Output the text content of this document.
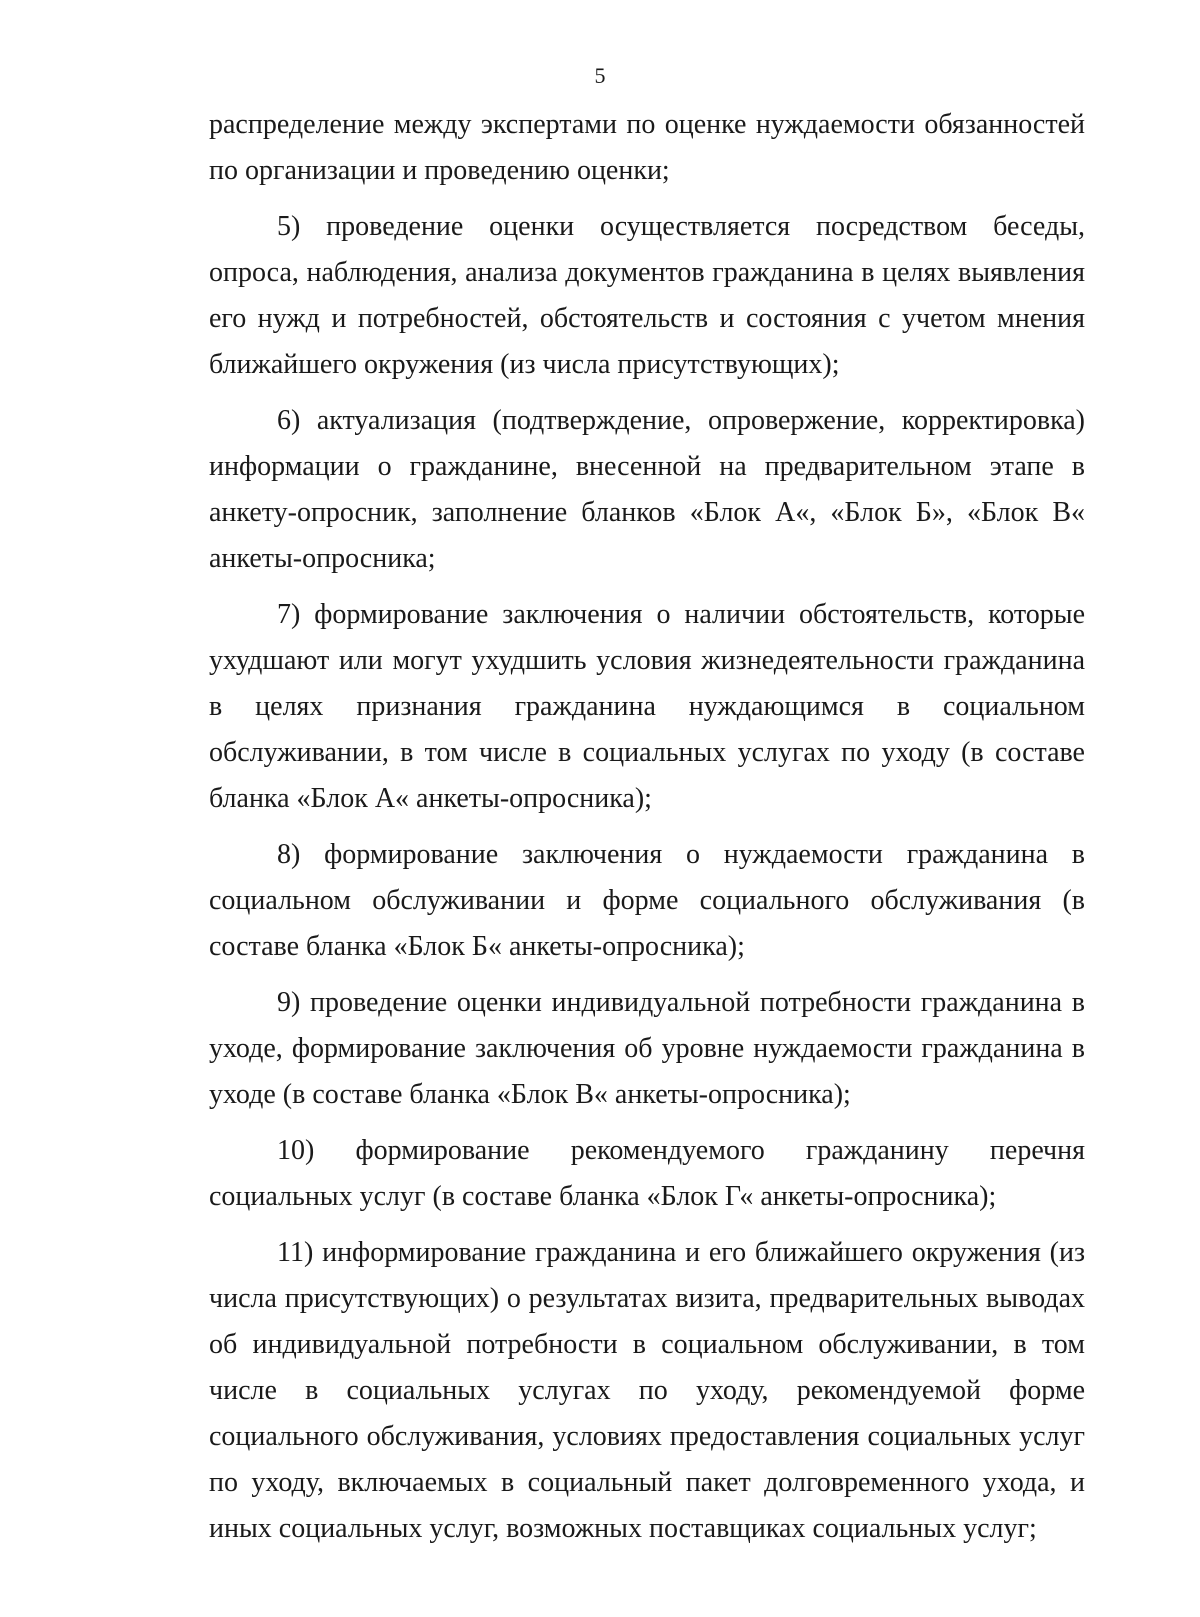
5

распределение между экспертами по оценке нуждаемости обязанностей по организации и проведению оценки;

5) проведение оценки осуществляется посредством беседы, опроса, наблюдения, анализа документов гражданина в целях выявления его нужд и потребностей, обстоятельств и состояния с учетом мнения ближайшего окружения (из числа присутствующих);

6) актуализация (подтверждение, опровержение, корректировка) информации о гражданине, внесенной на предварительном этапе в анкету-опросник, заполнение бланков «Блок А«, «Блок Б», «Блок В« анкеты-опросника;

7) формирование заключения о наличии обстоятельств, которые ухудшают или могут ухудшить условия жизнедеятельности гражданина в целях признания гражданина нуждающимся в социальном обслуживании, в том числе в социальных услугах по уходу (в составе бланка «Блок А« анкеты-опросника);

8) формирование заключения о нуждаемости гражданина в социальном обслуживании и форме социального обслуживания (в составе бланка «Блок Б« анкеты-опросника);

9) проведение оценки индивидуальной потребности гражданина в уходе, формирование заключения об уровне нуждаемости гражданина в уходе (в составе бланка «Блок В« анкеты-опросника);

10) формирование рекомендуемого гражданину перечня социальных услуг (в составе бланка «Блок Г« анкеты-опросника);

11) информирование гражданина и его ближайшего окружения (из числа присутствующих) о результатах визита, предварительных выводах об индивидуальной потребности в социальном обслуживании, в том числе в социальных услугах по уходу, рекомендуемой форме социального обслуживания, условиях предоставления социальных услуг по уходу, включаемых в социальный пакет долговременного ухода, и иных социальных услуг, возможных поставщиках социальных услуг;
